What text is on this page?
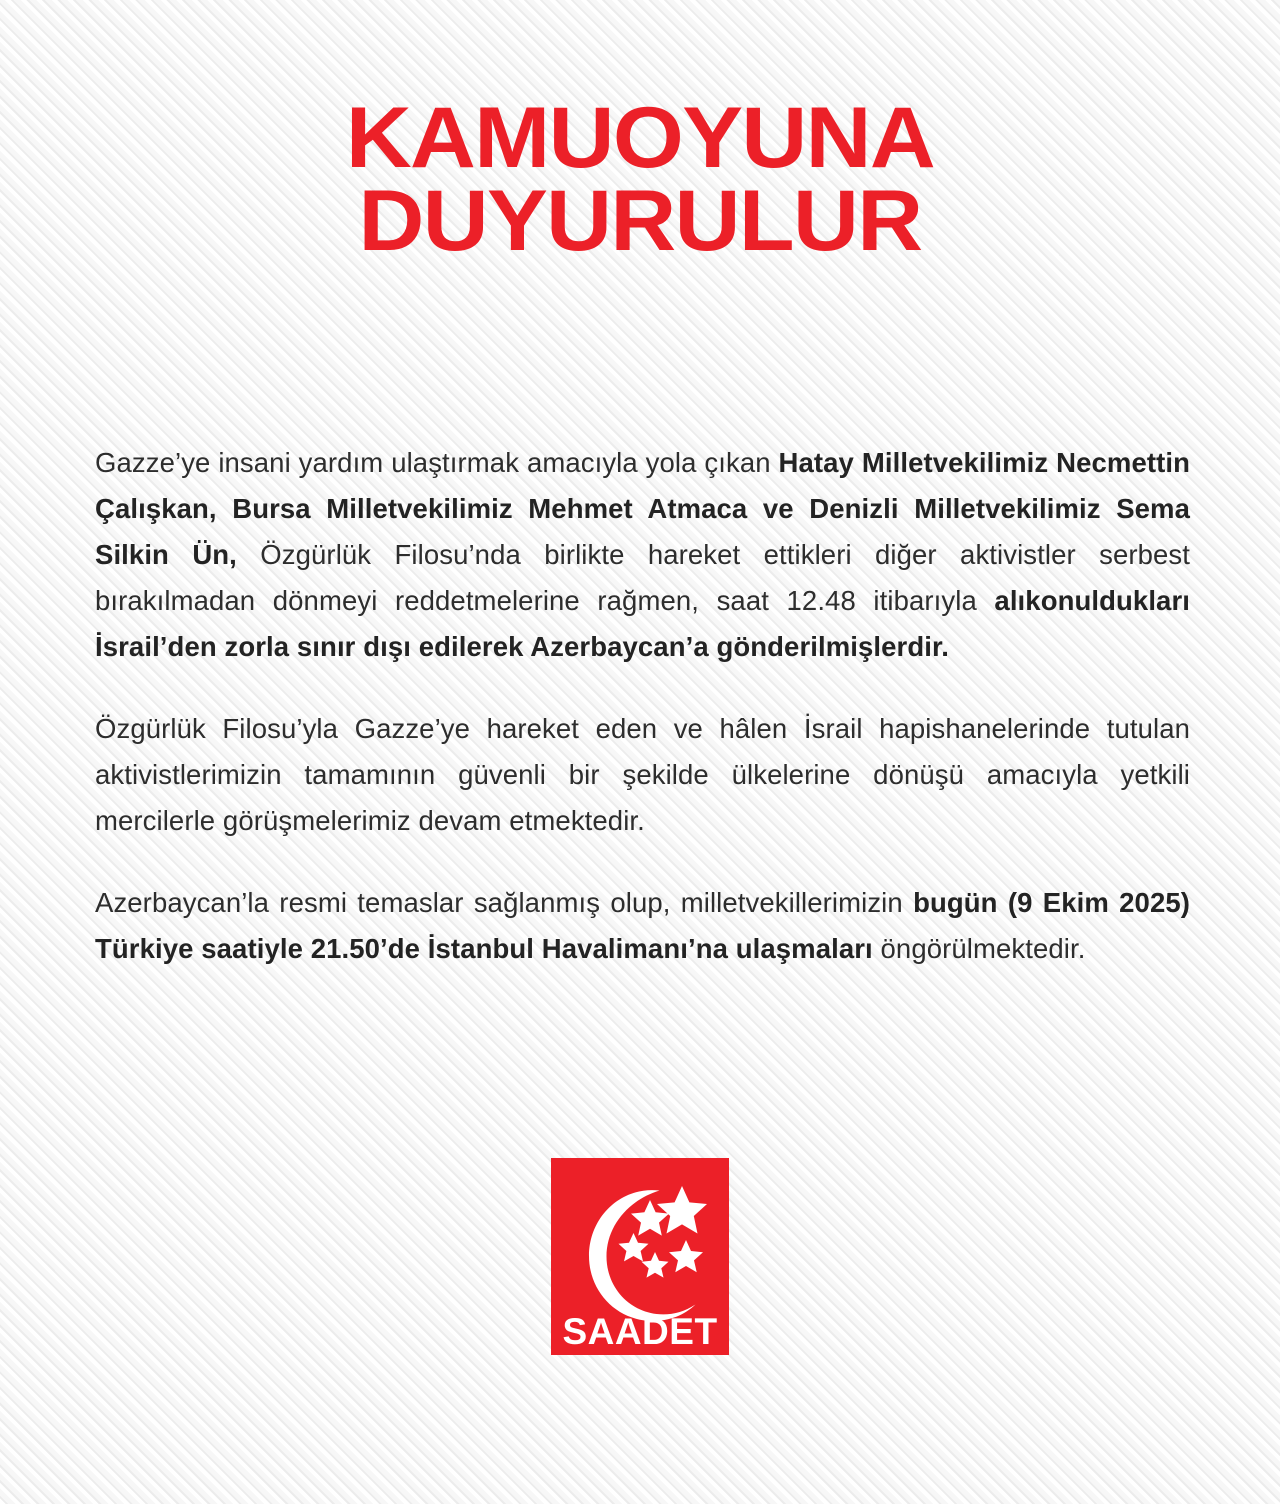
KAMUOYUNA
DUYURULUR

Gazze’ye insani yardım ulaştırmak amacıyla yola çıkan Hatay Milletvekilimiz Necmettin Çalışkan, Bursa Milletvekilimiz Mehmet Atmaca ve Denizli Milletvekilimiz Sema Silkin Ün, Özgürlük Filosu’nda birlikte hareket ettikleri diğer aktivistler serbest bırakılmadan dönmeyi reddetmelerine rağmen, saat 12.48 itibarıyla alıkonuldukları İsrail’den zorla sınır dışı edilerek Azerbaycan’a gönderilmişlerdir.

Özgürlük Filosu’yla Gazze’ye hareket eden ve hâlen İsrail hapishanelerinde tutulan aktivistlerimizin tamamının güvenli bir şekilde ülkelerine dönüşü amacıyla yetkili mercilerle görüşmelerimiz devam etmektedir.

Azerbaycan’la resmi temaslar sağlanmış olup, milletvekillerimizin bugün (9 Ekim 2025) Türkiye saatiyle 21.50’de İstanbul Havalimanı’na ulaşmaları öngörülmektedir.

SAADET
